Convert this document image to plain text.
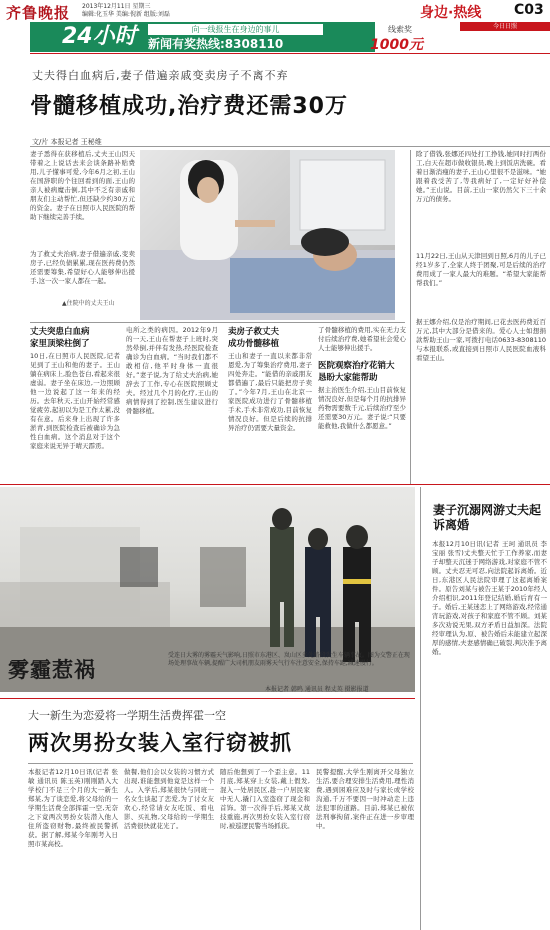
齐鲁晚报 2013年12月11日 星期三
编辑:化玉华 美编:倪新 组版:刘磊	身边·热线 C03
今日日照
24小时	向一线报生在身边的事儿
新闻有奖热线:8308110
线索奖
1000元
丈夫得白血病后,妻子借遍亲戚变卖房子不离不弃
骨髓移植成功,治疗费还需30万
文/片 本报记者 王秘维
妻子悉得在获移植后,丈夫王山因天带着之上说话去来会谈条路补贴费用,儿子懂事可爱,今年6月之初,王山在国辞职的个往回看到的面,王山的亲人被病魔击倒,其中不乏有亲戚和朋友们主动帮忙,但还缺少约30万元的资金。妻子在日照市人民医院的帮助下继续完善手续。
为了救丈夫治病,妻子借遍亲戚,变卖房子,已经负债累累,现在医药费仍然还需要筹集,希望好心人能够伸出援手,这一次一家人都在一起。
▲住院中的丈夫王山
丈夫突患白血病
家里顶梁柱倒了
10日,在日照市人民医院,记者见到了王山和他的妻子。王山躺在病床上,脸色苍白,看起来很虚弱。妻子坐在床边,一边照顾他一边说起了这一年来的经历。去年秋天,王山开始经常感觉疲劳,起初以为是工作太累,没有在意。后来身上出现了许多淤青,到医院检查后被确诊为急性白血病。这个消息对于这个家庭来说无异于晴天霹雳。
电所之类的病因。2012年9月的一天,王山在帮妻子上班时,突然晕倒,并伴有发热,经医院检查确诊为白血病。“当时我们都不敢相信,他平时身体一直很好。”妻子说,为了给丈夫治病,她辞去了工作,专心在医院照顾丈夫。经过几个月的化疗,王山的病情得到了控制,医生建议进行骨髓移植。
卖房子救丈夫
成功骨髓移植
王山和妻子一直以来都非常恩爱,为了筹集治疗费用,妻子四处奔走。“能借的亲戚朋友都借遍了,最后只能把房子卖了。”今年7月,王山在北京一家医院成功进行了骨髓移植手术,手术非常成功,目前恢复情况良好。但是后续的抗排异治疗仍需要大量资金。
了骨髓移植的费用,实在无力支付后续治疗费,她希望社会爱心人士能够伸出援手。
医院观察治疗花销大
恳盼大家能帮助
据主治医生介绍,王山目前恢复情况良好,但是每个月的抗排异药物需要数千元,后续治疗至少还需要30万元。妻子说:“只要能救他,我做什么都愿意。”
除了借钱,张娜还四处打工挣钱,她同时打两份工,白天在超市做收银员,晚上到饭店洗碗。看着日渐消瘦的妻子,王山心里很不是滋味。“她跟着我受苦了,等我病好了,一定好好补偿她。”王山说。目前,王山一家仍然欠下三十余万元的债务。
11月22日,王山从天津回到日照,6月的儿子已经1岁多了,全家人终于团聚,可是后续的治疗费用成了一家人最大的难题。“希望大家能帮帮我们。”
据王娜介绍,仅是治疗期间,已花去医药费近百万元,其中大部分是借来的。爱心人士如想捐款帮助王山一家,可拨打电话0633-8308110与本报联系,或直接到日照市人民医院血液科看望王山。
雾霾惹祸
受连日大雾的雾霾天气影响,日照市东港区、岚山区多处路段发生车辆事故。图为交警正在现场处理事故车辆,提醒广大司机朋友雨雾天气行车注意安全,保持车距,减速慢行。
本报记者 韩鸣 通讯员 程丈英 摄影报道
妻子沉溺网游丈夫起诉离婚
本报12月10日讯(记者 王珂 通讯员 李宝丽 张雪)丈夫整天忙于工作养家,而妻子却整天沉迷于网络游戏,对家庭不管不顾。丈夫忍无可忍,向法院起诉离婚。近日,东港区人民法院审理了这起离婚案件。原告刘某与被告王某于2010年经人介绍相识,2011年登记结婚,婚后育有一子。婚后,王某迷恋上了网络游戏,经常通宵玩游戏,对孩子和家庭不管不顾。刘某多次劝说无果,双方矛盾日益加深。法院经审理认为,原、被告婚后未能建立起深厚的感情,夫妻感情确已破裂,判决准予离婚。
大一新生为恋爱将一学期生活费挥霍一空
两次男扮女装入室行窃被抓
本报记者12月10日讯(记者 张敏 通讯员 陈玉英)刚刚踏入大学校门不足三个月的大一新生郑某,为了谈恋爱,将父母给的一学期生活费全部挥霍一空,无奈之下竟两次男扮女装潜入他人住所盗窃财物,最终被民警抓获。据了解,郑某今年刚考入日照市某高校。
做餐,他们会以女装的习惯方式出现,谁能想到他竟是这样一个人。入学后,郑某很快与同班一名女生谈起了恋爱,为了讨女友欢心,经常请女友吃饭、看电影、买礼物,父母给的一学期生活费很快就花光了。
随后他想到了一个歪主意。11月底,郑某穿上女装,戴上假发,混入一处居民区,趁一户居民家中无人,撬门入室盗窃了现金和首饰。第一次得手后,郑某又故技重施,再次男扮女装入室行窃时,被巡逻民警当场抓获。
民警提醒,大学生刚离开父母独立生活,要合理安排生活费用,理性消费,遇到困难应及时与家长或学校沟通,千万不要因一时冲动走上违法犯罪的道路。目前,郑某已被依法刑事拘留,案件正在进一步审理中。
